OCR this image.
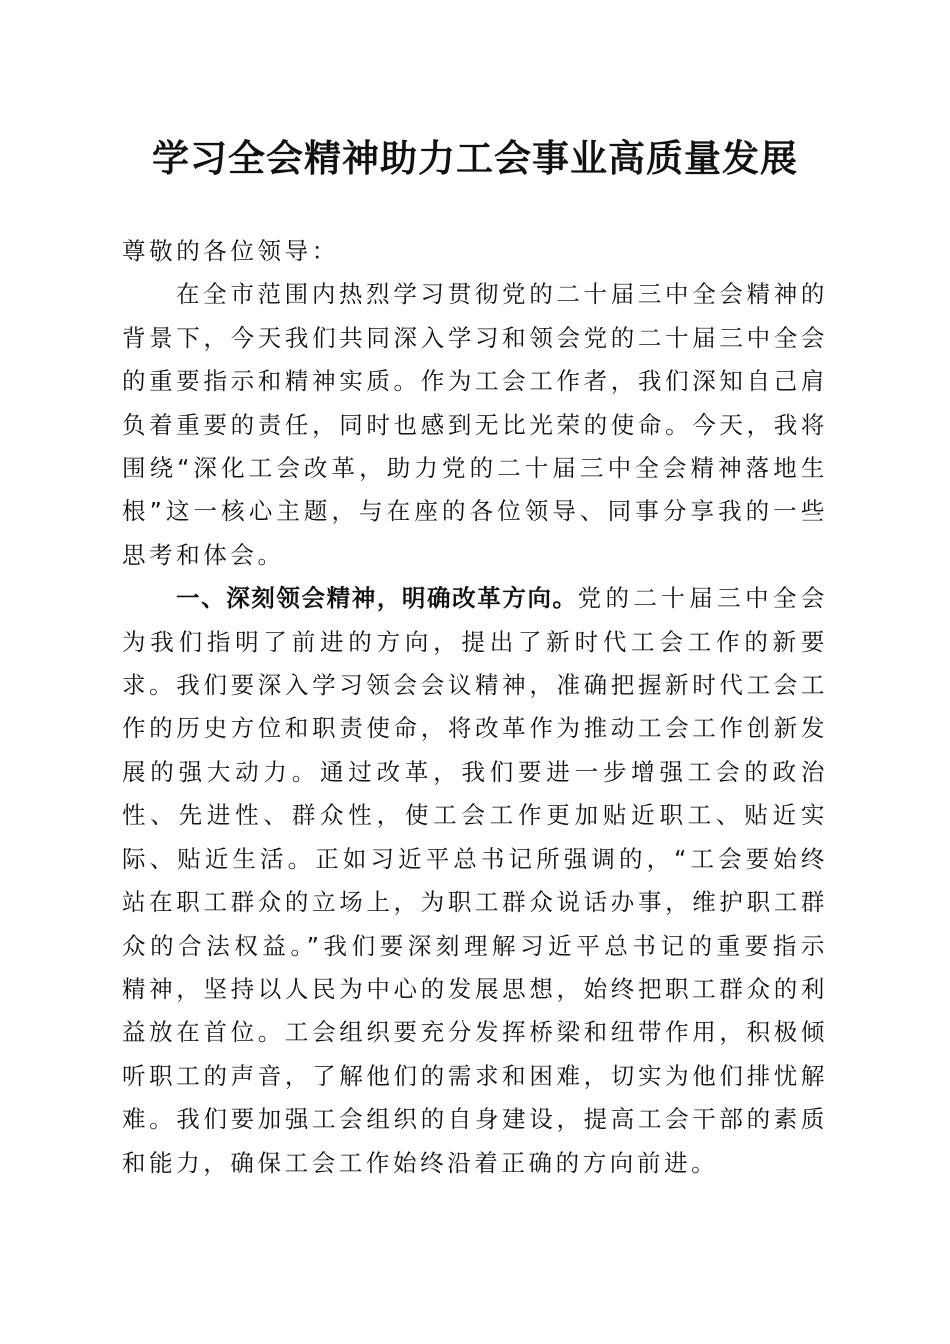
学习全会精神助力工会事业高质量发展

尊敬的各位领导：

在全市范围内热烈学习贯彻党的二十届三中全会精神的背景下，今天我们共同深入学习和领会党的二十届三中全会的重要指示和精神实质。作为工会工作者，我们深知自己肩负着重要的责任，同时也感到无比光荣的使命。今天，我将围绕“深化工会改革，助力党的二十届三中全会精神落地生根”这一核心主题，与在座的各位领导、同事分享我的一些思考和体会。

一、深刻领会精神，明确改革方向。党的二十届三中全会为我们指明了前进的方向，提出了新时代工会工作的新要求。我们要深入学习领会会议精神，准确把握新时代工会工作的历史方位和职责使命，将改革作为推动工会工作创新发展的强大动力。通过改革，我们要进一步增强工会的政治性、先进性、群众性，使工会工作更加贴近职工、贴近实际、贴近生活。正如习近平总书记所强调的，“工会要始终站在职工群众的立场上，为职工群众说话办事，维护职工群众的合法权益。”我们要深刻理解习近平总书记的重要指示精神，坚持以人民为中心的发展思想，始终把职工群众的利益放在首位。工会组织要充分发挥桥梁和纽带作用，积极倾听职工的声音，了解他们的需求和困难，切实为他们排忧解难。我们要加强工会组织的自身建设，提高工会干部的素质和能力，确保工会工作始终沿着正确的方向前进。
